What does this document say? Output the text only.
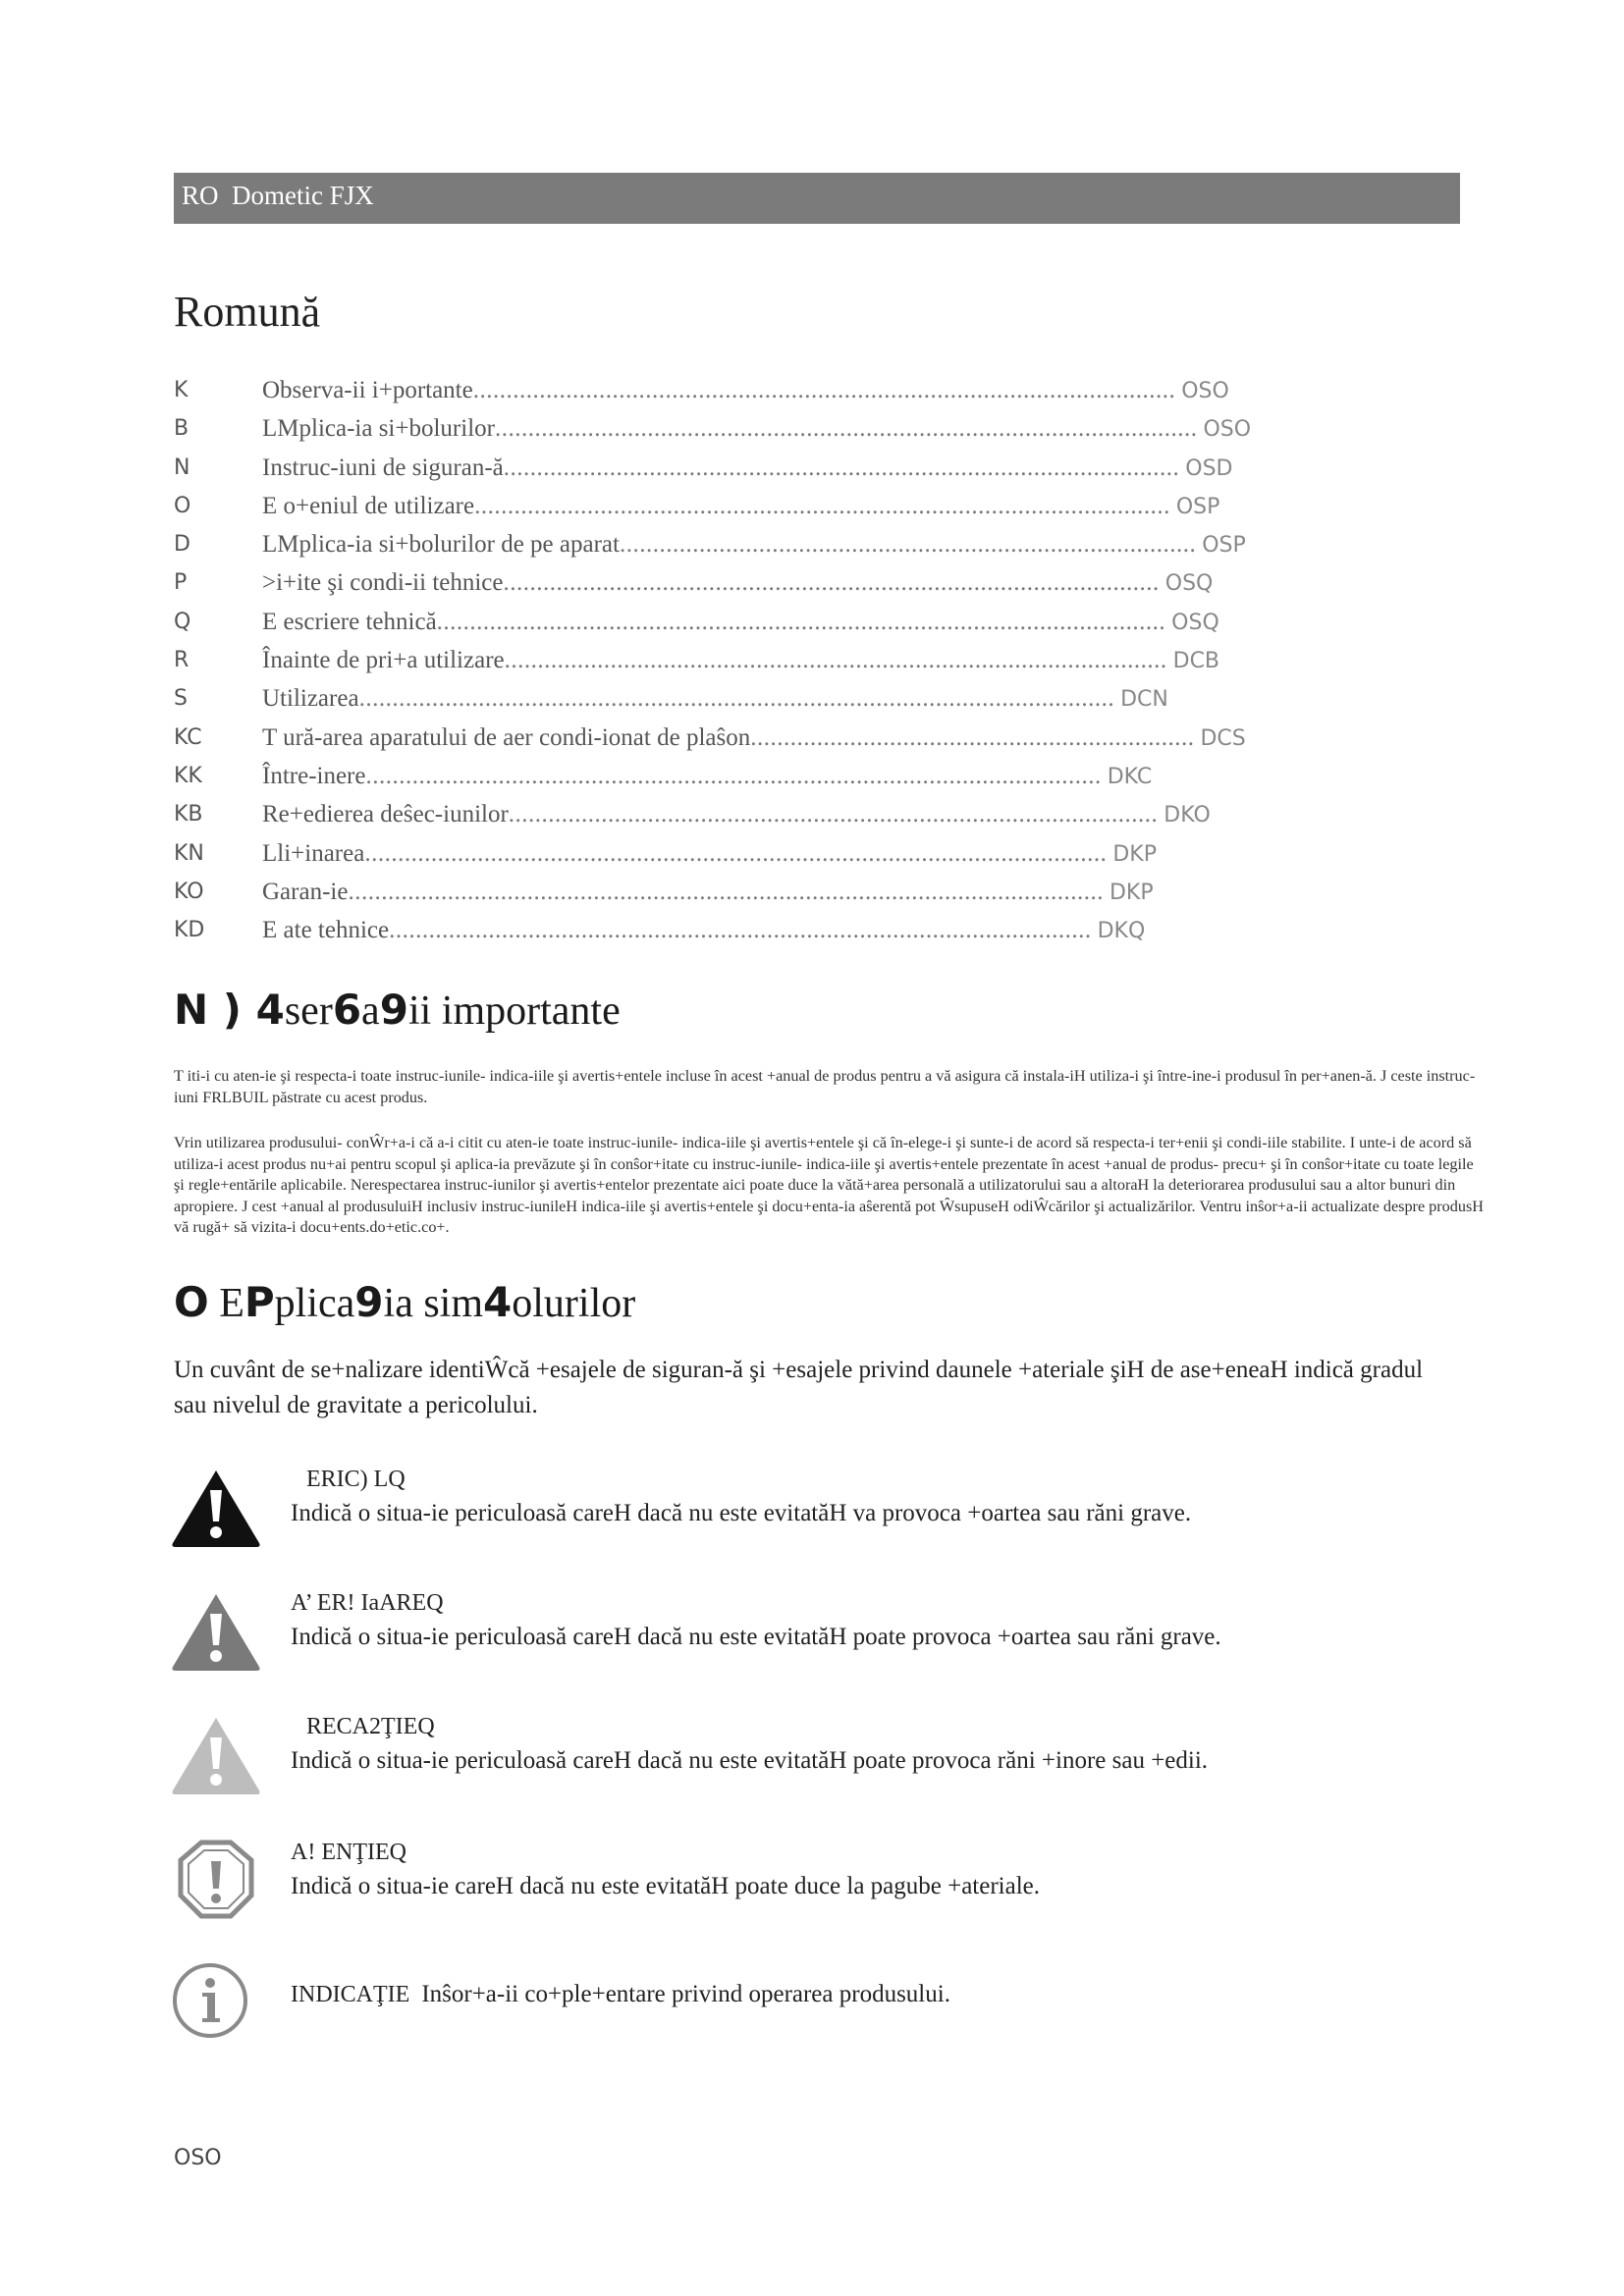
RO Dometic FJX
Romună
K	Observa-ii i+portante.......................................................................................................... OSO
B	LMplica-ia si+bolurilor.......................................................................................................... OSO
N	Instruc-iuni de siguran-ă...................................................................................................... OSD
O	E o+eniul de utilizare......................................................................................................... OSP
D	LMplica-ia si+bolurilor de pe aparat....................................................................................... OSP
P	>i+ite şi condi-ii tehnice................................................................................................... OSQ
Q	E escriere tehnică.............................................................................................................. OSQ
R	Înainte de pri+a utilizare.................................................................................................... DCB
S	Utilizarea.................................................................................................................. DCN
KC	T ură-area aparatului de aer condi-ionat de plaŝon................................................................... DCS
KK	Între-inere............................................................................................................... DKC
KB	Re+edierea deŝec-iunilor.................................................................................................. DKO
KN	Lli+inarea................................................................................................................ DKP
KO	Garan-ie.................................................................................................................. DKP
KD	E ate tehnice.......................................................................................................... DKQ
N ) 4ser6a9ii importante
T iti-i cu aten-ie şi respecta-i toate instruc-iunile- indica-iile şi avertis+entele incluse în acest +anual de produs pentru a vă asigura că instala-iH utiliza-i şi între-ine-i produsul în per+anen-ă. J ceste instruc-iuni FRLBUIL păstrate cu acest produs.
Vrin utilizarea produsului- conŴr+a-i că a-i citit cu aten-ie toate instruc-iunile- indica-iile şi avertis+entele şi că în-elege-i şi sunte-i de acord să respecta-i ter+enii şi condi-iile stabilite. I unte-i de acord să utiliza-i acest produs nu+ai pentru scopul şi aplica-ia prevăzute şi în conŝor+itate cu instruc-iunile- indica-iile şi avertis+entele prezentate în acest +anual de produs- precu+ şi în conŝor+itate cu toate legile şi regle+entările aplicabile. Nerespectarea instruc-iunilor şi avertis+entelor prezentate aici poate duce la vătă+area personală a utilizatorului sau a altoraH la deteriorarea produsului sau a altor bunuri din apropiere. J cest +anual al produsuluiH inclusiv instruc-iunileH indica-iile şi avertis+entele şi docu+enta-ia aŝerentă pot ŴsupuseH odiŴcărilor şi actualizărilor. Ventru inŝor+a-ii actualizate despre produsH vă rugă+ să vizita-i docu+ents.do+etic.co+.
O EPplica9ia sim4olurilor
Un cuvânt de se+nalizare identiŴcă +esajele de siguran-ă şi +esajele privind daunele +ateriale şiH de ase+eneaH indică gradul sau nivelul de gravitate a pericolului.
ERIC) LQ
Indică o situa-ie periculoasă careH dacă nu este evitatăH va provoca +oartea sau răni grave.
A’ ER! IaAREQ
Indică o situa-ie periculoasă careH dacă nu este evitatăH poate provoca +oartea sau răni grave.
RECA2ŢIEQ
Indică o situa-ie periculoasă careH dacă nu este evitatăH poate provoca răni +inore sau +edii.
A! ENŢIEQ
Indică o situa-ie careH dacă nu este evitatăH poate duce la pagube +ateriale.
INDICAŢIE Inŝor+a-ii co+ple+entare privind operarea produsului.
OSO
